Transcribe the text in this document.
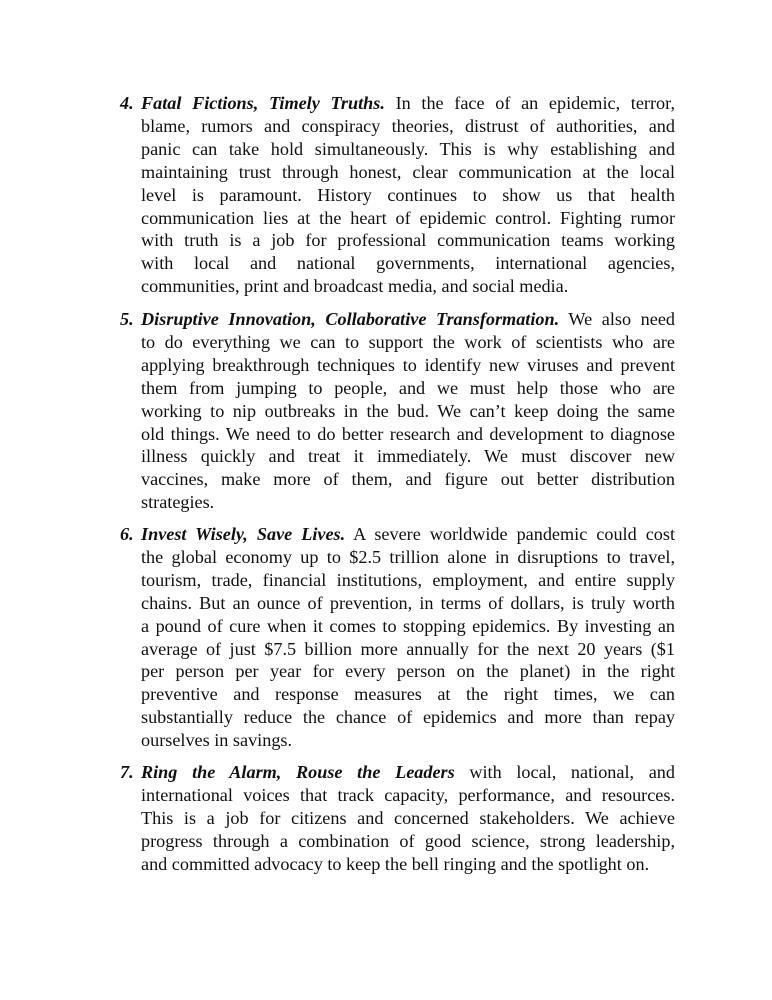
4. Fatal Fictions, Timely Truths. In the face of an epidemic, terror,
blame, rumors and conspiracy theories, distrust of authorities, and
panic can take hold simultaneously. This is why establishing and
maintaining trust through honest, clear communication at the local
level is paramount. History continues to show us that health
communication lies at the heart of epidemic control. Fighting rumor
with truth is a job for professional communication teams working
with local and national governments, international agencies,
communities, print and broadcast media, and social media.
5. Disruptive Innovation, Collaborative Transformation. We also need
to do everything we can to support the work of scientists who are
applying breakthrough techniques to identify new viruses and prevent
them from jumping to people, and we must help those who are
working to nip outbreaks in the bud. We can’t keep doing the same
old things. We need to do better research and development to diagnose
illness quickly and treat it immediately. We must discover new
vaccines, make more of them, and figure out better distribution
strategies.
6. Invest Wisely, Save Lives. A severe worldwide pandemic could cost
the global economy up to $2.5 trillion alone in disruptions to travel,
tourism, trade, financial institutions, employment, and entire supply
chains. But an ounce of prevention, in terms of dollars, is truly worth
a pound of cure when it comes to stopping epidemics. By investing an
average of just $7.5 billion more annually for the next 20 years ($1
per person per year for every person on the planet) in the right
preventive and response measures at the right times, we can
substantially reduce the chance of epidemics and more than repay
ourselves in savings.
7. Ring the Alarm, Rouse the Leaders with local, national, and
international voices that track capacity, performance, and resources.
This is a job for citizens and concerned stakeholders. We achieve
progress through a combination of good science, strong leadership,
and committed advocacy to keep the bell ringing and the spotlight on.
